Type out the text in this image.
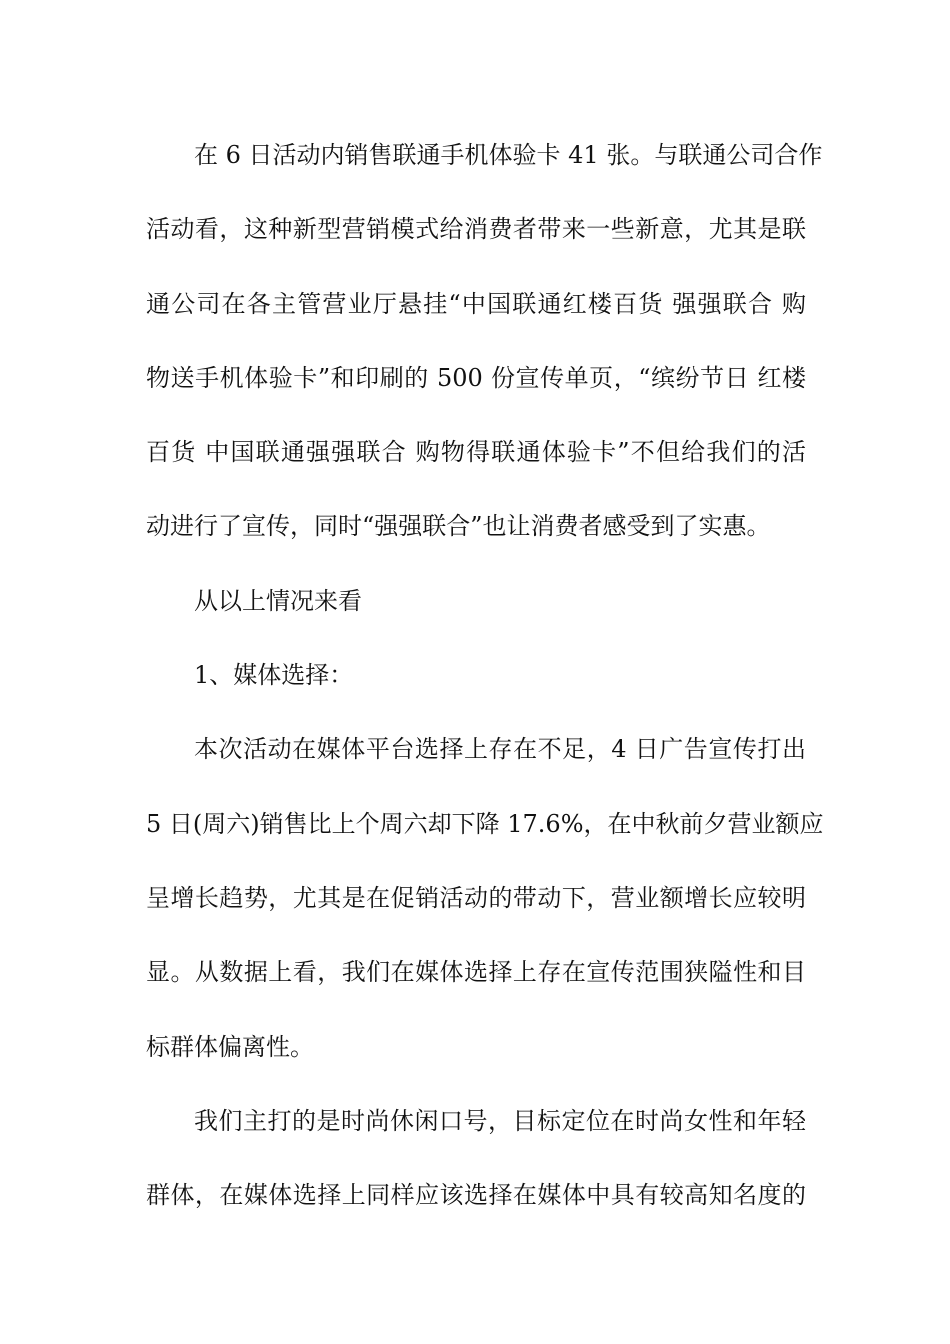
在 6 日活动内销售联通手机体验卡 41 张。与联通公司合作
活动看，这种新型营销模式给消费者带来一些新意，尤其是联
通公司在各主管营业厅悬挂“中国联通红楼百货 强强联合 购
物送手机体验卡”和印刷的 500 份宣传单页，“缤纷节日 红楼
百货 中国联通强强联合 购物得联通体验卡”不但给我们的活
动进行了宣传，同时“强强联合”也让消费者感受到了实惠。
从以上情况来看
1、媒体选择：
本次活动在媒体平台选择上存在不足，4 日广告宣传打出
5 日(周六)销售比上个周六却下降 17.6%，在中秋前夕营业额应
呈增长趋势，尤其是在促销活动的带动下，营业额增长应较明
显。从数据上看，我们在媒体选择上存在宣传范围狭隘性和目
标群体偏离性。
我们主打的是时尚休闲口号，目标定位在时尚女性和年轻
群体，在媒体选择上同样应该选择在媒体中具有较高知名度的
